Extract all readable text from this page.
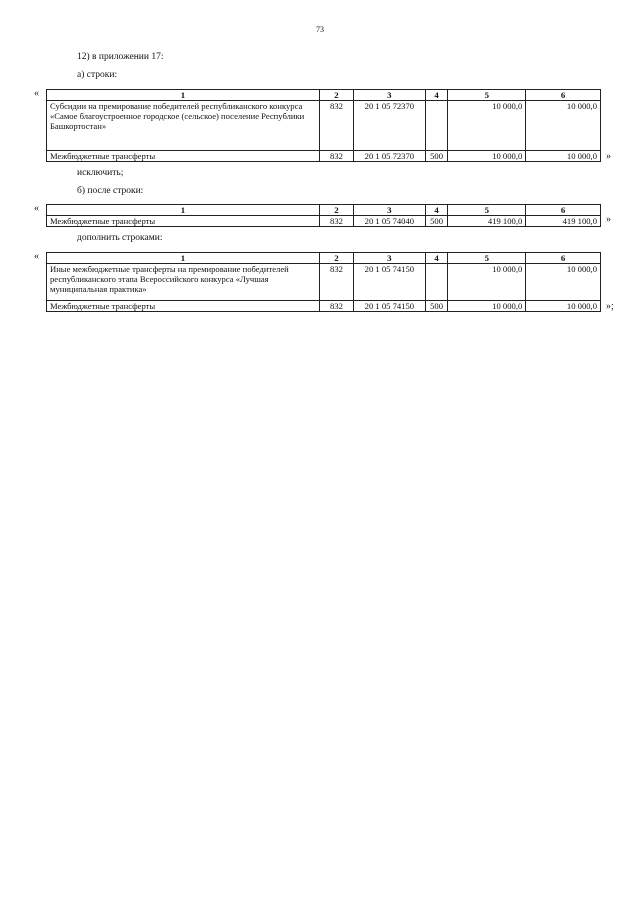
73
12) в приложении 17:
а) строки:
«	1	2	3	4	5	6
Субсидии на премирование победителей республиканского конкурса «Самое благоустроенное городское (сельское) поселение Республики Башкортостан»	832	20 1 05 72370		10 000,0	10 000,0
Межбюджетные трансферты	832	20 1 05 72370	500	10 000,0	10 000,0 »
исключить;
б) после строки:
«	1	2	3	4	5	6
Межбюджетные трансферты	832	20 1 05 74040	500	419 100,0	419 100,0 »
дополнить строками:
«	1	2	3	4	5	6
Иные межбюджетные трансферты на премирование победителей республиканского этапа Всероссийского конкурса «Лучшая муниципальная практика»	832	20 1 05 74150		10 000,0	10 000,0
Межбюджетные трансферты	832	20 1 05 74150	500	10 000,0	10 000,0 »;
